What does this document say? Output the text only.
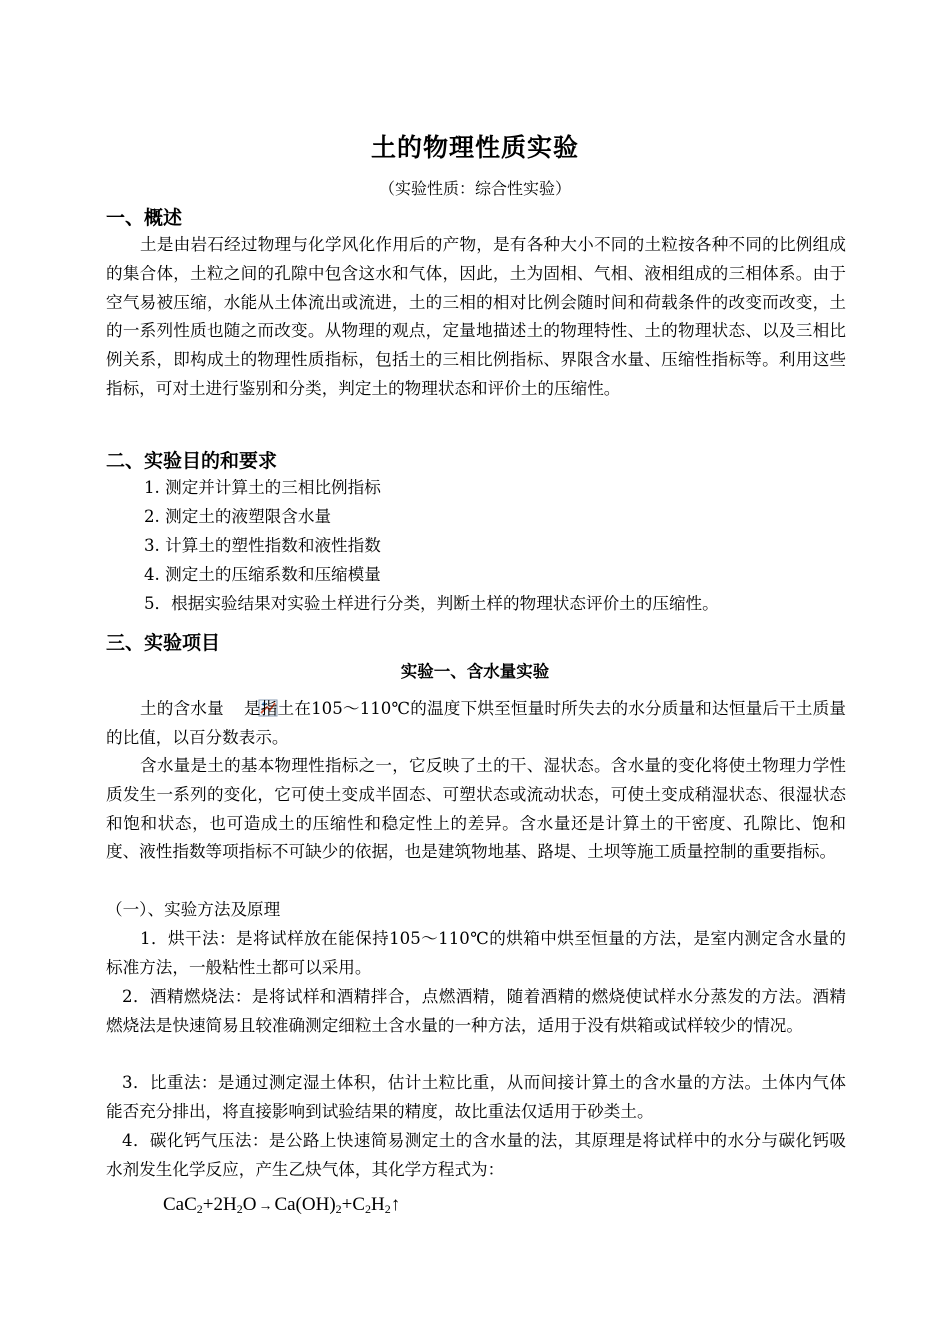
土的物理性质实验
（实验性质：综合性实验）
一、概述
土是由岩石经过物理与化学风化作用后的产物，是有各种大小不同的土粒按各种不同的比例组成的集合体，土粒之间的孔隙中包含这水和气体，因此，土为固相、气相、液相组成的三相体系。由于空气易被压缩，水能从土体流出或流进，土的三相的相对比例会随时间和荷载条件的改变而改变，土的一系列性质也随之而改变。从物理的观点，定量地描述土的物理特性、土的物理状态、以及三相比例关系，即构成土的物理性质指标，包括土的三相比例指标、界限含水量、压缩性指标等。利用这些指标，可对土进行鉴别和分类，判定土的物理状态和评价土的压缩性。
二、实验目的和要求
1. 测定并计算土的三相比例指标
2. 测定土的液塑限含水量
3. 计算土的塑性指数和液性指数
4. 测定土的压缩系数和压缩模量
5．根据实验结果对实验土样进行分类，判断土样的物理状态评价土的压缩性。
三、实验项目
实验一、含水量实验
土的含水量 是指土在105～110℃的温度下烘至恒量时所失去的水分质量和达恒量后干土质量的比值，以百分数表示。
含水量是土的基本物理性指标之一，它反映了土的干、湿状态。含水量的变化将使土物理力学性质发生一系列的变化，它可使土变成半固态、可塑状态或流动状态，可使土变成稍湿状态、很湿状态和饱和状态，也可造成土的压缩性和稳定性上的差异。含水量还是计算土的干密度、孔隙比、饱和度、液性指数等项指标不可缺少的依据，也是建筑物地基、路堤、土坝等施工质量控制的重要指标。
（一）、实验方法及原理
1．烘干法：是将试样放在能保持105～110℃的烘箱中烘至恒量的方法，是室内测定含水量的标准方法，一般粘性土都可以采用。
2．酒精燃烧法：是将试样和酒精拌合，点燃酒精，随着酒精的燃烧使试样水分蒸发的方法。酒精燃烧法是快速简易且较准确测定细粒土含水量的一种方法，适用于没有烘箱或试样较少的情况。
3．比重法：是通过测定湿土体积，估计土粒比重，从而间接计算土的含水量的方法。土体内气体能否充分排出，将直接影响到试验结果的精度，故比重法仅适用于砂类土。
4．碳化钙气压法：是公路上快速简易测定土的含水量的法，其原理是将试样中的水分与碳化钙吸水剂发生化学反应，产生乙炔气体，其化学方程式为：
$CaC_2+2H_2O$ → $Ca(OH)_2+C_2H_2↑$
